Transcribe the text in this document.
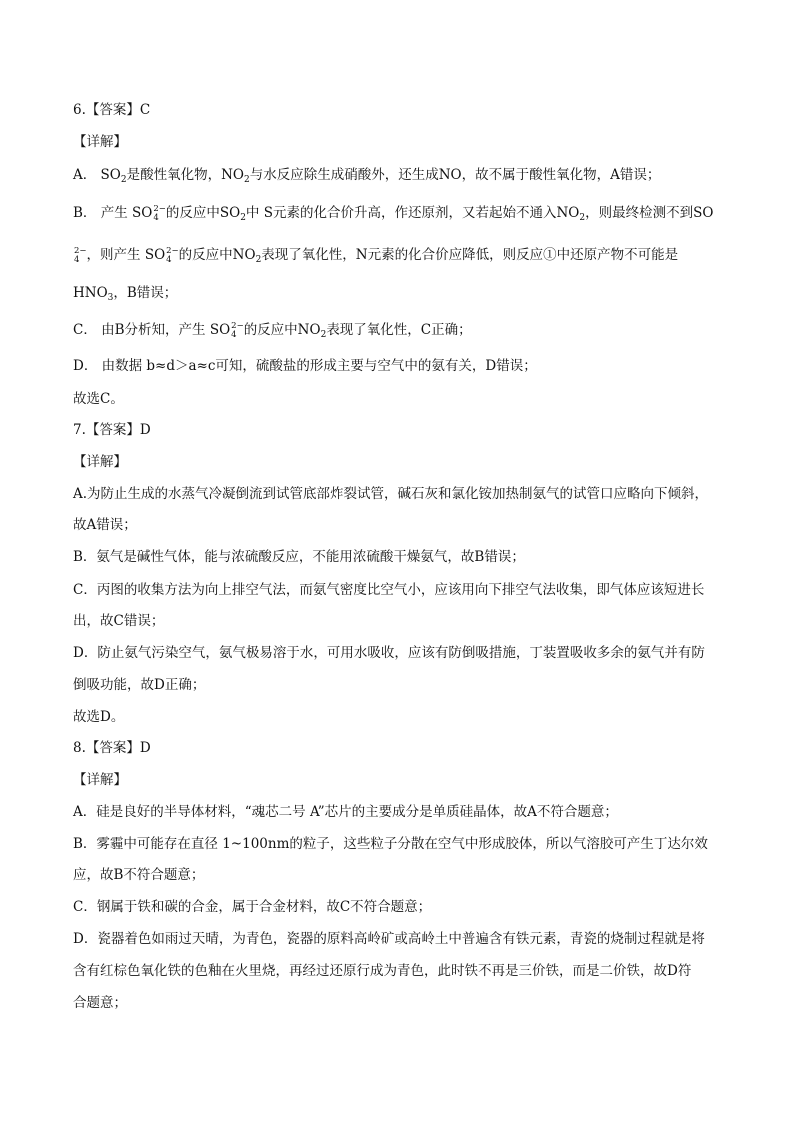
6.【答案】C
【详解】
A． $SO_2$是酸性氧化物，$NO_2$与水反应除生成硝酸外，还生成NO，故不属于酸性氧化物，A错误；
B． 产生 SO 2−
4 的反应中$SO_2$中 S元素的化合价升高，作还原剂，又若起始不通入$NO_2$，则最终检测不到SO
2−
4 ，则产生 SO 2−
4 的反应中$NO_2$表现了氧化性，N元素的化合价应降低，则反应①中还原产物不可能是
$HNO_3$，B错误；
C． 由B分析知，产生 SO 2−
4 的反应中$NO_2$表现了氧化性，C正确；
D． 由数据 b≈d＞a≈c可知，硫酸盐的形成主要与空气中的氨有关，D错误；
故选C。
7.【答案】D
【详解】
A.为防止生成的水蒸气冷凝倒流到试管底部炸裂试管，碱石灰和氯化铵加热制氨气的试管口应略向下倾斜，
故A错误；
B．氨气是碱性气体，能与浓硫酸反应，不能用浓硫酸干燥氨气，故B错误；
C．丙图的收集方法为向上排空气法，而氨气密度比空气小，应该用向下排空气法收集，即气体应该短进长
出，故C错误；
D．防止氨气污染空气，氨气极易溶于水，可用水吸收，应该有防倒吸措施，丁装置吸收多余的氨气并有防
倒吸功能，故D正确；
故选D。
8.【答案】D
【详解】
A．硅是良好的半导体材料，“魂芯二号 A”芯片的主要成分是单质硅晶体，故A不符合题意；
B．雾霾中可能存在直径 1~100nm的粒子，这些粒子分散在空气中形成胶体，所以气溶胶可产生丁达尔效
应，故B不符合题意；
C．钢属于铁和碳的合金，属于合金材料，故C不符合题意；
D．瓷器着色如雨过天晴，为青色，瓷器的原料高岭矿或高岭土中普遍含有铁元素，青瓷的烧制过程就是将
含有红棕色氧化铁的色釉在火里烧，再经过还原行成为青色，此时铁不再是三价铁，而是二价铁，故D符
合题意；
